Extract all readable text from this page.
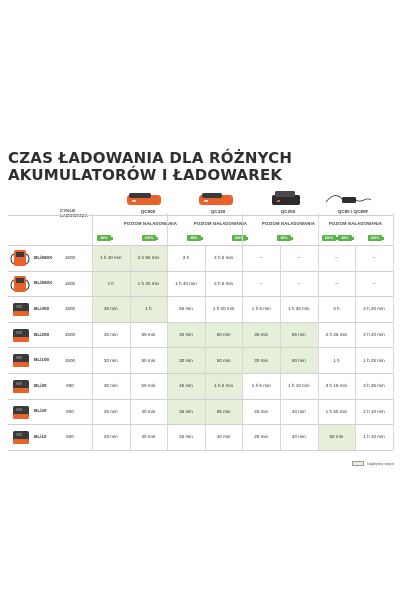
CZAS ŁADOWANIA DLA RÓŻNYCH
AKUMULATORÓW I ŁADOWAREK
CYKLE
ŁADOWANIA
QC500	QC330	QC250	QC80 / QC80F
POZIOM NAŁADOWANIA	POZIOM NAŁADOWANIA	POZIOM NAŁADOWANIA	POZIOM NAŁADOWANIA
80%	100%	80%	100%	80%	100%	80%	100%
BLi950X	1500	1 h 40 min	2 h 55 min	3 h	4 h 5 min	–	–	–	–
BLi550X	1500	1 h	1 h 25 min	1 h 40 min	2 h 5 min	–	–	–	–
BLi300	1500	35 min	1 h	55 min	1 h 20 min	1 h 5 min	1 h 30 min	4 h	4 h 20 min
BLi200	1500	30 min	50 min	30 min	50 min	35 min	55 min	2 h 25 min	2 h 40 min
BLi100	1500	30 min	50 min	30 min	50 min	30 min	50 min	1 h	1 h 25 min
BLi30	600	30 min	50 min	45 min	1 h 5 min	1 h 5 min	1 h 10 min	3 h 15 min	3 h 35 min
BLi20	600	25 min	40 min	35 min	55 min	25 min	40 min	1 h 50 min	2 h 10 min
BLi10	600	25 min	40 min	25 min	40 min	25 min	40 min	50 min	1 h 10 min
Najlepszy wybór
